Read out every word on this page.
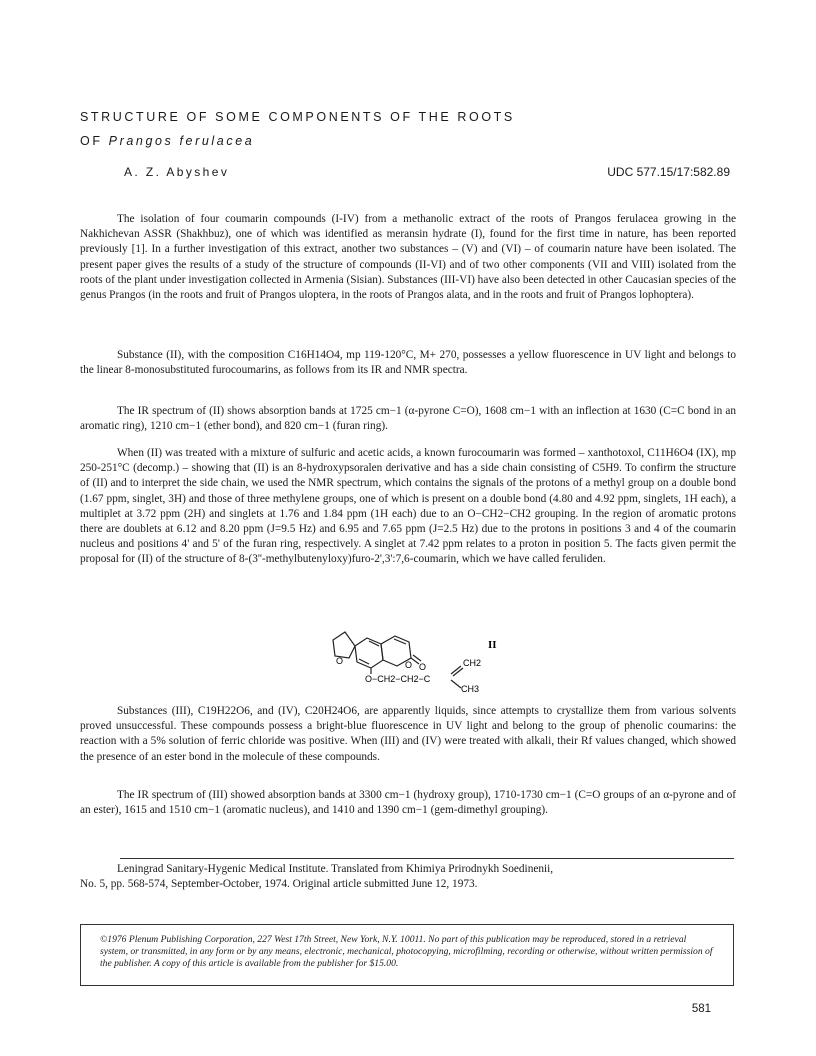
STRUCTURE OF SOME COMPONENTS OF THE ROOTS
OF Prangos ferulacea
A. Z. Abyshev	UDC 577.15/17:582.89

The isolation of four coumarin compounds (I-IV) from a methanolic extract of the roots of Prangos ferulacea growing in the Nakhichevan ASSR (Shakhbuz), one of which was identified as meransin hydrate (I), found for the first time in nature, has been reported previously [1]. In a further investigation of this extract, another two substances – (V) and (VI) – of coumarin nature have been isolated. The present paper gives the results of a study of the structure of compounds (II-VI) and of two other components (VII and VIII) isolated from the roots of the plant under investigation collected in Armenia (Sisian). Substances (III-VI) have also been detected in other Caucasian species of the genus Prangos (in the roots and fruit of Prangos uloptera, in the roots of Prangos alata, and in the roots and fruit of Prangos lophoptera).

Substance (II), with the composition C16H14O4, mp 119-120°C, M+ 270, possesses a yellow fluorescence in UV light and belongs to the linear 8-monosubstituted furocoumarins, as follows from its IR and NMR spectra.

The IR spectrum of (II) shows absorption bands at 1725 cm−1 (α-pyrone C=O), 1608 cm−1 with an inflection at 1630 (C=C bond in an aromatic ring), 1210 cm−1 (ether bond), and 820 cm−1 (furan ring).

When (II) was treated with a mixture of sulfuric and acetic acids, a known furocoumarin was formed – xanthotoxol, C11H6O4 (IX), mp 250-251°C (decomp.) – showing that (II) is an 8-hydroxypsoralen derivative and has a side chain consisting of C5H9. To confirm the structure of (II) and to interpret the side chain, we used the NMR spectrum, which contains the signals of the protons of a methyl group on a double bond (1.67 ppm, singlet, 3H) and those of three methylene groups, one of which is present on a double bond (4.80 and 4.92 ppm, singlets, 1H each), a multiplet at 3.72 ppm (2H) and singlets at 1.76 and 1.84 ppm (1H each) due to an O−CH2−CH2 grouping. In the region of aromatic protons there are doublets at 6.12 and 8.20 ppm (J=9.5 Hz) and 6.95 and 7.65 ppm (J=2.5 Hz) due to the protons in positions 3 and 4 of the coumarin nucleus and positions 4' and 5' of the furan ring, respectively. A singlet at 7.42 ppm relates to a proton in position 5. The facts given permit the proposal for (II) of the structure of 8-(3''-methylbutenyloxy)furo-2',3':7,6-coumarin, which we have called feruliden.

O	O O
II
O−CH2−CH2−C
CH2
CH3

Substances (III), C19H22O6, and (IV), C20H24O6, are apparently liquids, since attempts to crystallize them from various solvents proved unsuccessful. These compounds possess a bright-blue fluorescence in UV light and belong to the group of phenolic coumarins: the reaction with a 5% solution of ferric chloride was positive. When (III) and (IV) were treated with alkali, their Rf values changed, which showed the presence of an ester bond in the molecule of these compounds.

The IR spectrum of (III) showed absorption bands at 3300 cm−1 (hydroxy group), 1710-1730 cm−1 (C=O groups of an α-pyrone and of an ester), 1615 and 1510 cm−1 (aromatic nucleus), and 1410 and 1390 cm−1 (gem-dimethyl grouping).

Leningrad Sanitary-Hygenic Medical Institute. Translated from Khimiya Prirodnykh Soedinenii,
No. 5, pp. 568-574, September-October, 1974. Original article submitted June 12, 1973.

©1976 Plenum Publishing Corporation, 227 West 17th Street, New York, N.Y. 10011. No part of this publication may be reproduced, stored in a retrieval system, or transmitted, in any form or by any means, electronic, mechanical, photocopying, microfilming, recording or otherwise, without written permission of the publisher. A copy of this article is available from the publisher for $15.00.

581
